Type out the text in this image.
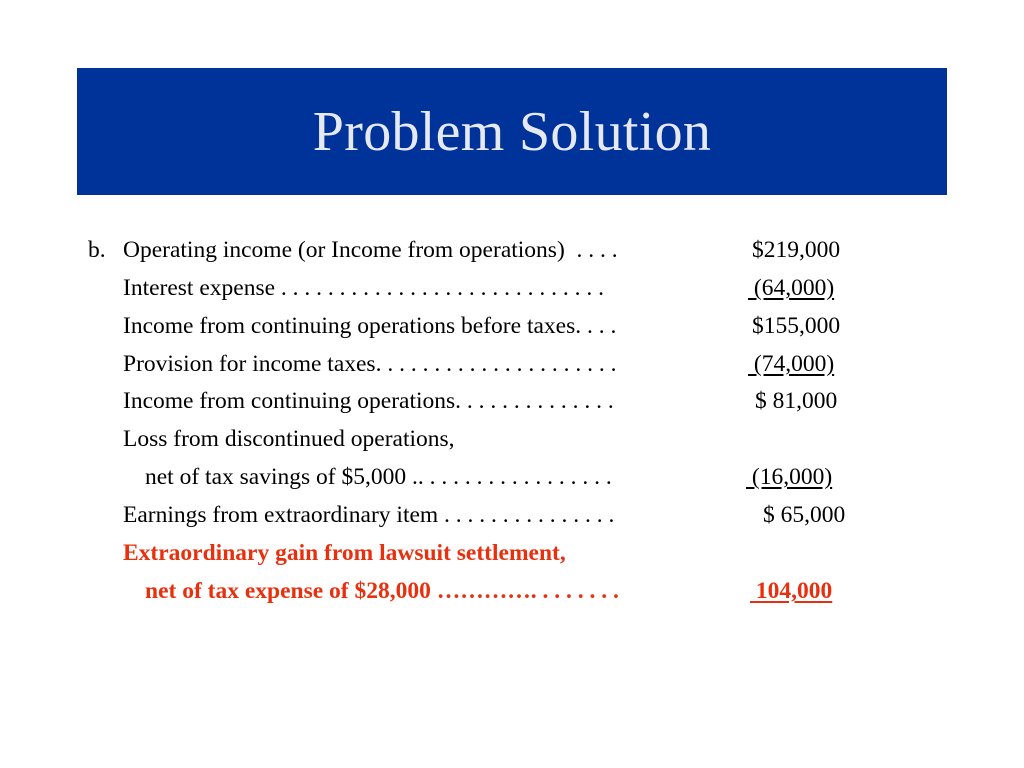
Problem Solution
b. Operating income (or Income from operations)  . . . .	$219,000
Interest expense . . . . . . . . . . . . . . . . . . . . . . . . . . . .	(64,000)
Income from continuing operations before taxes. . . .	$155,000
Provision for income taxes. . . . . . . . . . . . . . . . . . . . .	(74,000)
Income from continuing operations. . . . . . . . . . . . . .	$ 81,000
Loss from discontinued operations,
net of tax savings of $5,000 .. . . . . . . . . . . . . . . . .	(16,000)
Earnings from extraordinary item . . . . . . . . . . . . . . .	$ 65,000
Extraordinary gain from lawsuit settlement,
net of tax expense of $28,000 …………. . . . . . . .	104,000
